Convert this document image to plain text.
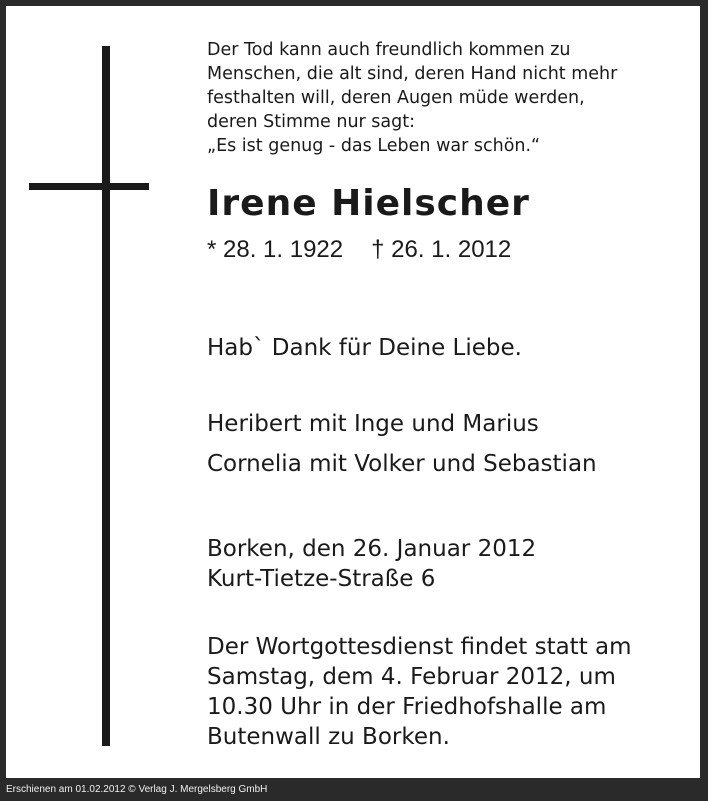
Der Tod kann auch freundlich kommen zu
Menschen, die alt sind, deren Hand nicht mehr
festhalten will, deren Augen müde werden,
deren Stimme nur sagt:
„Es ist genug - das Leben war schön.“
Irene Hielscher
* 28. 1. 1922 † 26. 1. 2012
Hab` Dank für Deine Liebe.
Heribert mit Inge und Marius
Cornelia mit Volker und Sebastian
Borken, den 26. Januar 2012
Kurt-Tietze-Straße 6
Der Wortgottesdienst findet statt am
Samstag, dem 4. Februar 2012, um
10.30 Uhr in der Friedhofshalle am
Butenwall zu Borken.
Erschienen am 01.02.2012 © Verlag J. Mergelsberg GmbH
